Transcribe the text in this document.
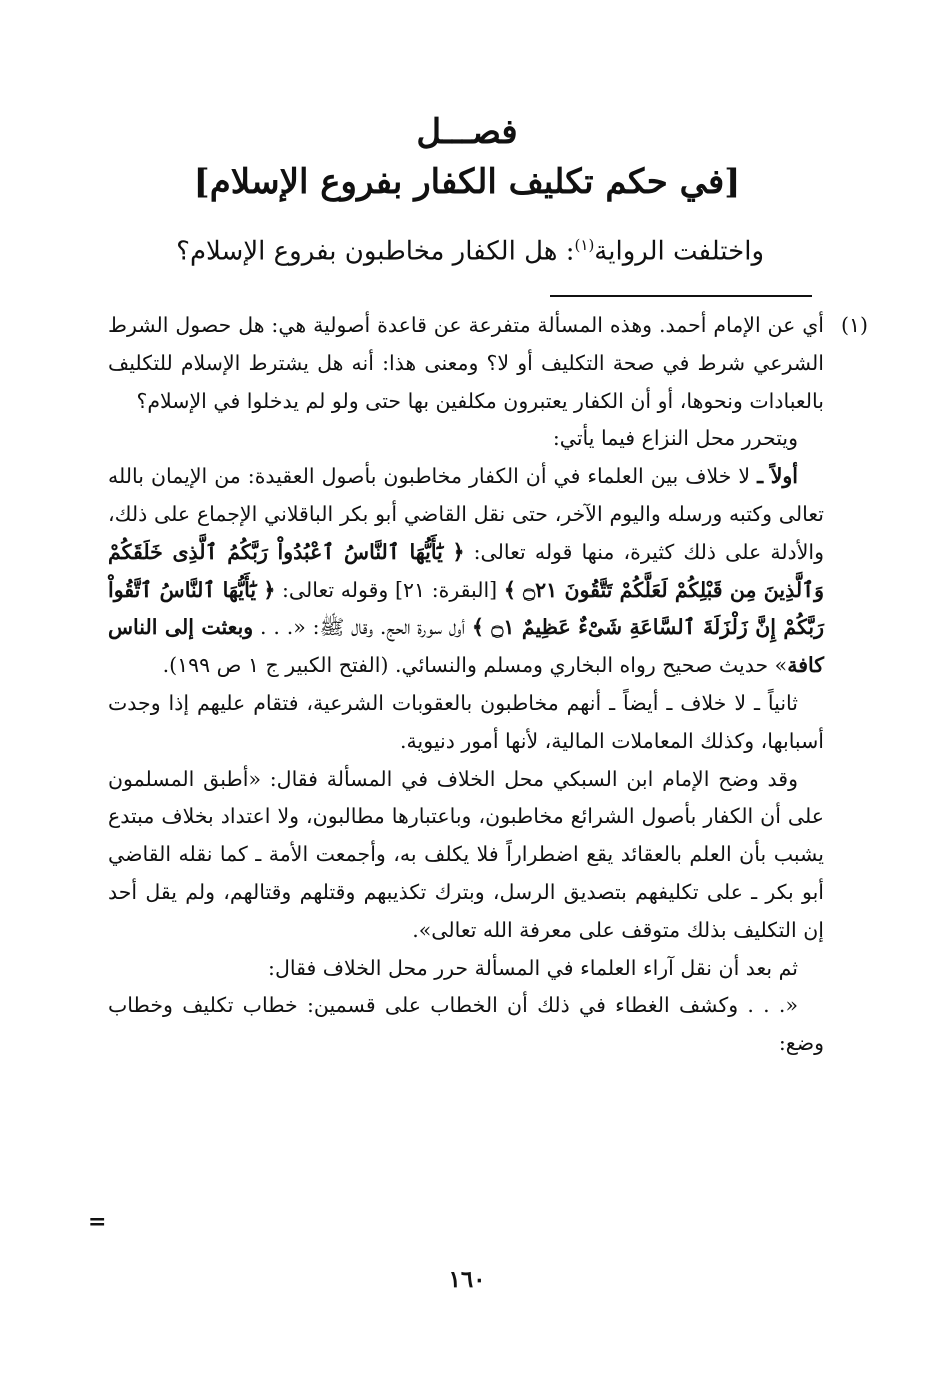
فصـــل
[في حكم تكليف الكفار بفروع الإسلام]
واختلفت الرواية$^{(١)}$: هل الكفار مخاطبون بفروع الإسلام؟

(١)
أي عن الإمام أحمد. وهذه المسألة متفرعة عن قاعدة أصولية هي: هل حصول الشرط الشرعي شرط في صحة التكليف أو لا؟ ومعنى هذا: أنه هل يشترط الإسلام للتكليف بالعبادات ونحوها، أو أن الكفار يعتبرون مكلفين بها حتى ولو لم يدخلوا في الإسلام؟

ويتحرر محل النزاع فيما يأتي:

أولاً ـ لا خلاف بين العلماء في أن الكفار مخاطبون بأصول العقيدة: من الإيمان بالله تعالى وكتبه ورسله واليوم الآخر، حتى نقل القاضي أبو بكر الباقلاني الإجماع على ذلك، والأدلة على ذلك كثيرة، منها قوله تعالى: ﴿ يَٰٓأَيُّهَا ٱلنَّاسُ ٱعْبُدُواْ رَبَّكُمُ ٱلَّذِى خَلَقَكُمْ وَٱلَّذِينَ مِن قَبْلِكُمْ لَعَلَّكُمْ تَتَّقُونَ ۝٢١ ﴾ [البقرة: ٢١] وقوله تعالى: ﴿ يَٰٓأَيُّهَا ٱلنَّاسُ ٱتَّقُواْ رَبَّكُمْ إِنَّ زَلْزَلَةَ ٱلسَّاعَةِ شَىْءٌ عَظِيمٌ ۝١ ﴾ أول سورة الحج. وقال ﷺ: «. . . وبعثت إلى الناس كافة» حديث صحيح رواه البخاري ومسلم والنسائي. (الفتح الكبير ج ١ ص ١٩٩).

ثانياً ـ لا خلاف ـ أيضاً ـ أنهم مخاطبون بالعقوبات الشرعية، فتقام عليهم إذا وجدت أسبابها، وكذلك المعاملات المالية، لأنها أمور دنيوية.

وقد وضح الإمام ابن السبكي محل الخلاف في المسألة فقال: «أطبق المسلمون على أن الكفار بأصول الشرائع مخاطبون، وباعتبارها مطالبون، ولا اعتداد بخلاف مبتدع يشبب بأن العلم بالعقائد يقع اضطراراً فلا يكلف به، وأجمعت الأمة ـ كما نقله القاضي أبو بكر ـ على تكليفهم بتصديق الرسل، وبترك تكذيبهم وقتلهم وقتالهم، ولم يقل أحد إن التكليف بذلك متوقف على معرفة الله تعالى».

ثم بعد أن نقل آراء العلماء في المسألة حرر محل الخلاف فقال:

«. . . وكشف الغطاء في ذلك أن الخطاب على قسمين: خطاب تكليف وخطاب وضع:

=
١٦٠
